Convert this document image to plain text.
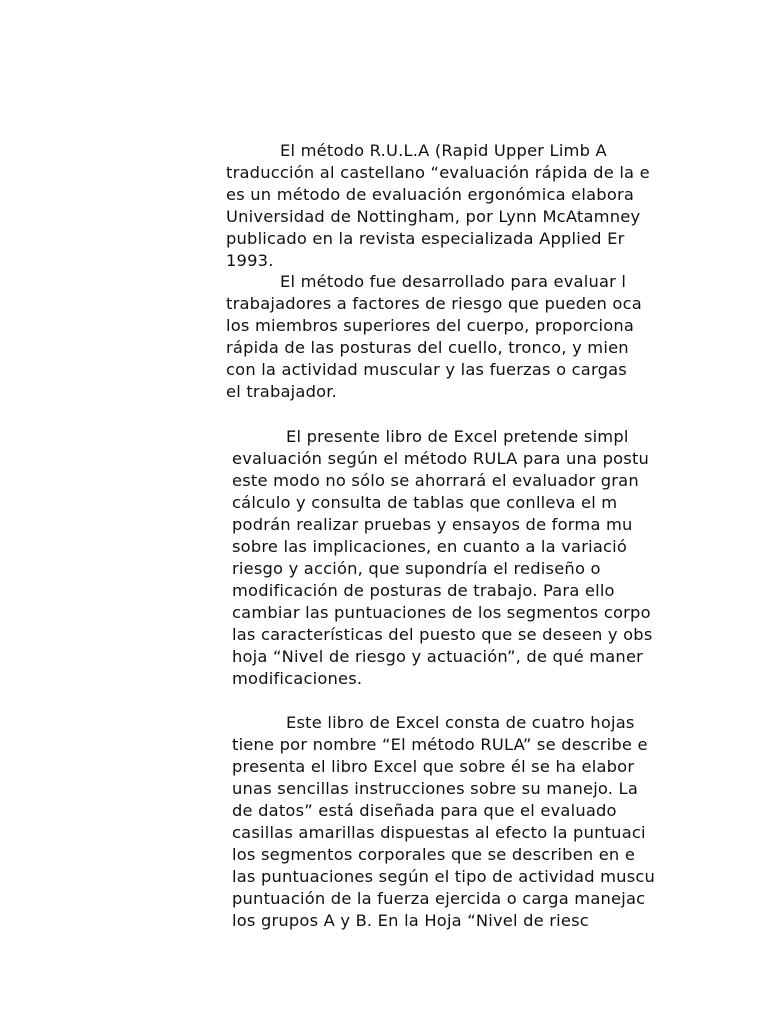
El método R.U.L.A (Rapid Upper Limb A
traducción al castellano “evaluación rápida de la e
es un método de evaluación ergonómica elabora
Universidad de Nottingham, por Lynn McAtamney
publicado en la revista especializada Applied Er
1993.
El método fue desarrollado para evaluar l
trabajadores a factores de riesgo que pueden oca
los miembros superiores del cuerpo, proporciona
rápida de las posturas del cuello, tronco, y mien
con la actividad muscular y las fuerzas o cargas
el trabajador.
El presente libro de Excel pretende simpl
evaluación según el método RULA para una postu
este modo no sólo se ahorrará el evaluador gran
cálculo y consulta de tablas que conlleva el m
podrán realizar pruebas y ensayos de forma mu
sobre las implicaciones, en cuanto a la variació
riesgo y acción, que supondría el rediseño o
modificación de posturas de trabajo. Para ello
cambiar las puntuaciones de los segmentos corpo
las características del puesto que se deseen y obs
hoja “Nivel de riesgo y actuación”, de qué maner
modificaciones.
Este libro de Excel consta de cuatro hojas
tiene por nombre “El método RULA” se describe e
presenta el libro Excel que sobre él se ha elabor
unas sencillas instrucciones sobre su manejo. La
de datos” está diseñada para que el evaluado
casillas amarillas dispuestas al efecto la puntuaci
los segmentos corporales que se describen en e
las puntuaciones según el tipo de actividad muscu
puntuación de la fuerza ejercida o carga manejac
los grupos A y B. En la Hoja “Nivel de riesc
